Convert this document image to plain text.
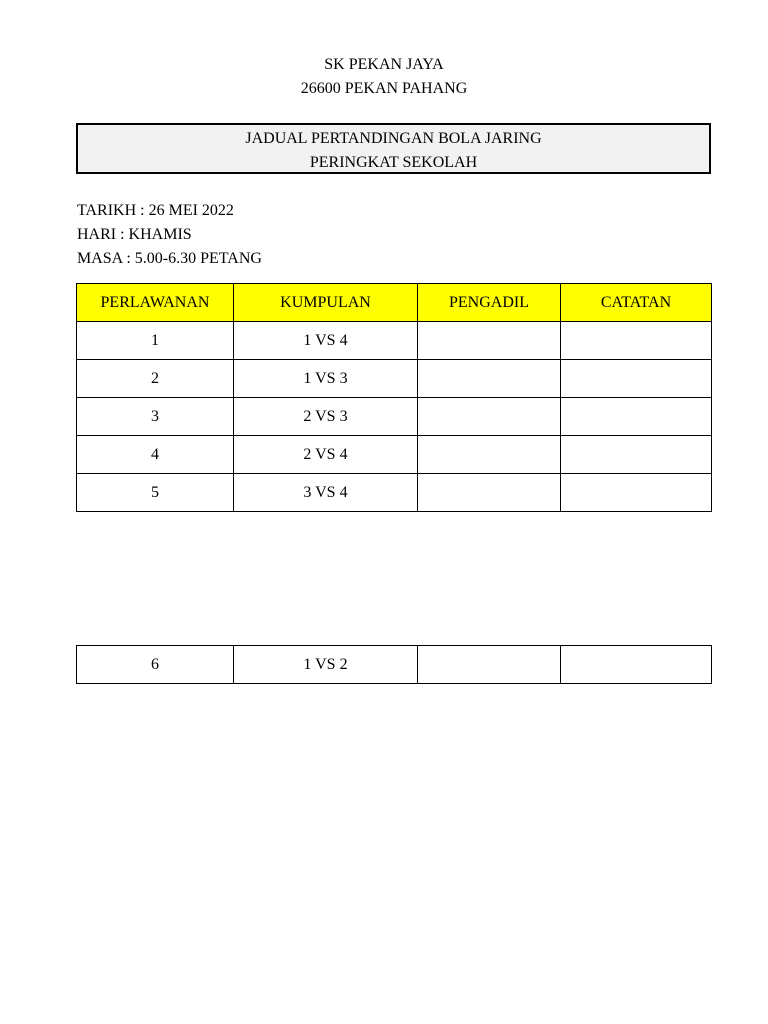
SK PEKAN JAYA
26600 PEKAN PAHANG
JADUAL PERTANDINGAN BOLA JARING
PERINGKAT SEKOLAH
TARIKH : 26 MEI 2022
HARI : KHAMIS
MASA : 5.00-6.30 PETANG
PERLAWANAN	KUMPULAN	PENGADIL	CATATAN
1	1 VS 4		
2	1 VS 3		
3	2 VS 3		
4	2 VS 4		
5	3 VS 4		
6	1 VS 2		
